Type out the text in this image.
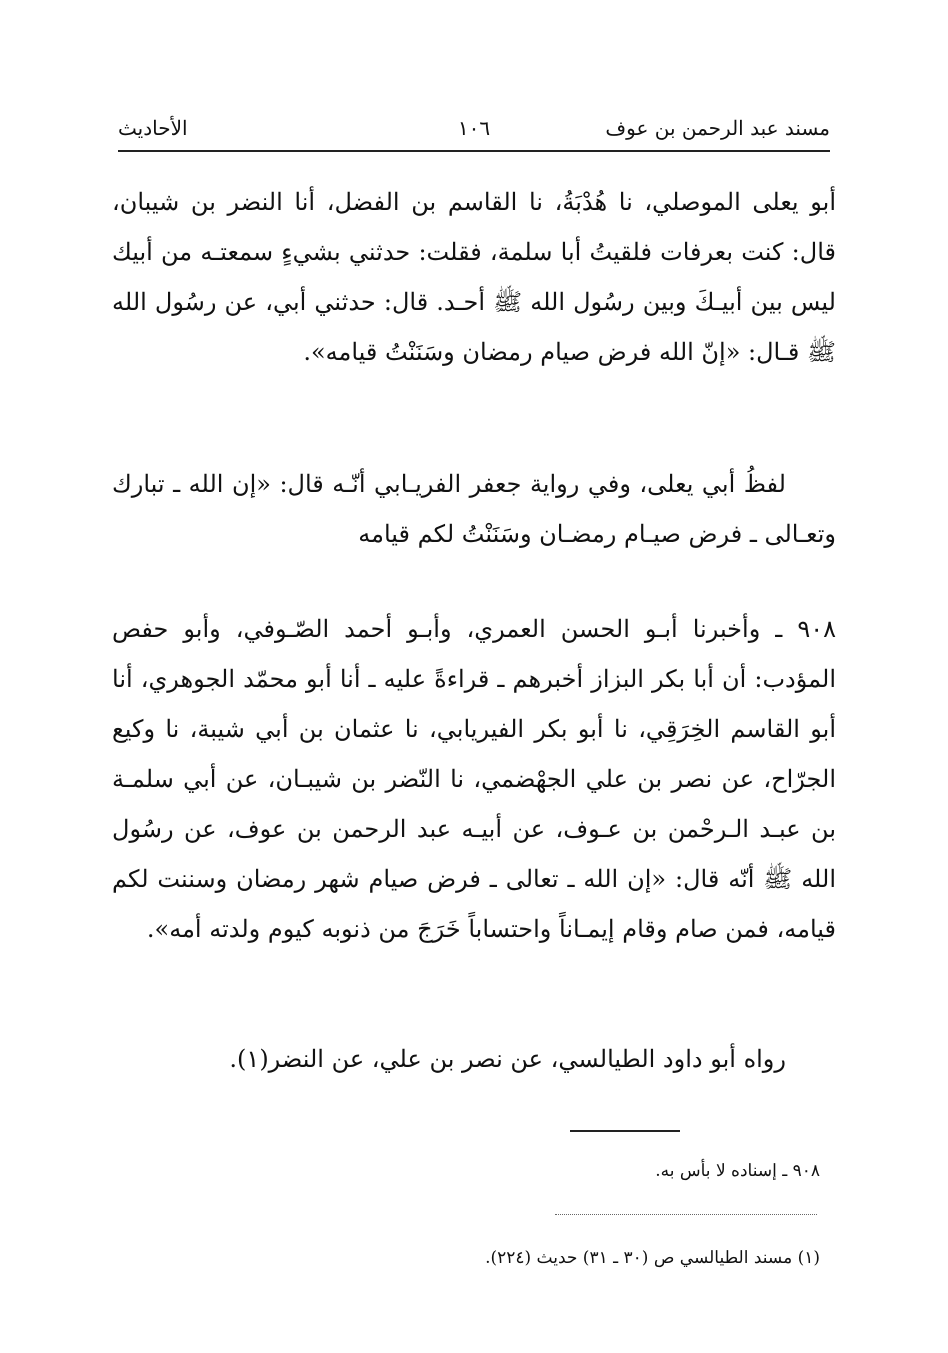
مسند عبد الرحمن بن عوف
١٠٦
الأحاديث
أبو يعلى الموصلي، نا هُدْبَةُ، نا القاسم بن الفضل، أنا النضر بن شيبان، قال: كنت بعرفات فلقيتُ أبا سلمة، فقلت: حدثني بشيءٍ سمعتـه من أبيك ليس بين أبيـكَ وبين رسُول الله ﷺ أحـد. قال: حدثني أبي، عن رسُول الله ﷺ قـال: «إنّ الله فرض صيام رمضان وسَنَنْتُ قيامه».
لفظُ أبي يعلى، وفي رواية جعفر الفريـابي أنّـه قال: «إن الله ـ تبارك وتعـالى ـ فرض صيـام رمضـان وسَنَنْتُ لكم قيامه
٩٠٨ ـ وأخبرنا أبـو الحسن العمري، وأبـو أحمد الصّـوفي، وأبو حفص المؤدب: أن أبا بكر البزاز أخبرهم ـ قراءةً عليه ـ أنا أبو محمّد الجوهري، أنا أبو القاسم الخِرَقِي، نا أبو بكر الفيريابي، نا عثمان بن أبي شيبة، نا وكيع الجرّاح، عن نصر بن علي الجهْضمي، نا النّضر بن شيبـان، عن أبي سلمـة بن عبـد الـرحْمن بن عـوف، عن أبيـه عبد الرحمن بن عوف، عن رسُول الله ﷺ أنّه قال: «إن الله ـ تعالى ـ فرض صيام شهر رمضان وسننت لكم قيامه، فمن صام وقام إيمـاناً واحتساباً خَرَجَ من ذنوبه كيوم ولدته أمه».
رواه أبو داود الطيالسي، عن نصر بن علي، عن النضر(١).
٩٠٨ ـ إسناده لا بأس به.
(١) مسند الطيالسي ص (٣٠ ـ ٣١) حديث (٢٢٤).
